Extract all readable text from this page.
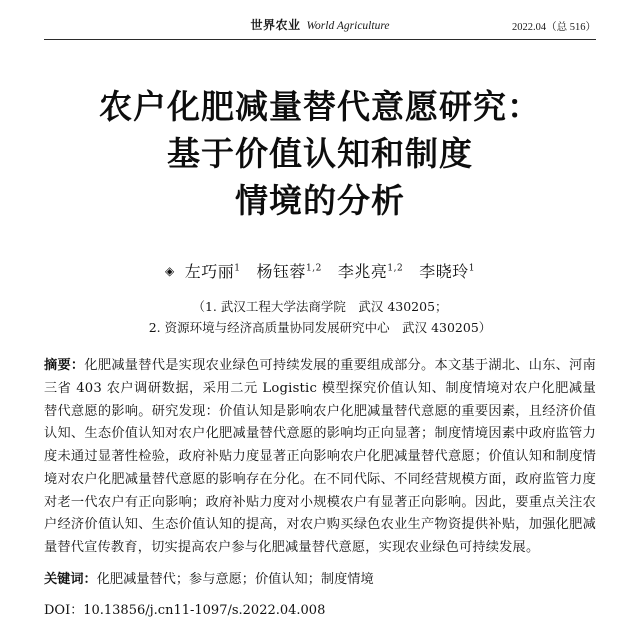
世界农业 World Agriculture	2022.04（总 516）
农户化肥减量替代意愿研究：
基于价值认知和制度
情境的分析
◈ 左巧丽$^1$ 杨钰蓉$^{1,2}$ 李兆亮$^{1,2}$ 李晓玲$^1$
（1. 武汉工程大学法商学院　武汉 430205；
2. 资源环境与经济高质量协同发展研究中心　武汉 430205）
摘要：化肥减量替代是实现农业绿色可持续发展的重要组成部分。本文基于湖北、山东、河南三省 403 农户调研数据，采用二元 Logistic 模型探究价值认知、制度情境对农户化肥减量替代意愿的影响。研究发现：价值认知是影响农户化肥减量替代意愿的重要因素，且经济价值认知、生态价值认知对农户化肥减量替代意愿的影响均正向显著；制度情境因素中政府监管力度未通过显著性检验，政府补贴力度显著正向影响农户化肥减量替代意愿；价值认知和制度情境对农户化肥减量替代意愿的影响存在分化。在不同代际、不同经营规模方面，政府监管力度对老一代农户有正向影响；政府补贴力度对小规模农户有显著正向影响。因此，要重点关注农户经济价值认知、生态价值认知的提高，对农户购买绿色农业生产物资提供补贴，加强化肥减量替代宣传教育，切实提高农户参与化肥减量替代意愿，实现农业绿色可持续发展。
关键词：化肥减量替代；参与意愿；价值认知；制度情境
DOI：10.13856/j.cn11-1097/s.2022.04.008
